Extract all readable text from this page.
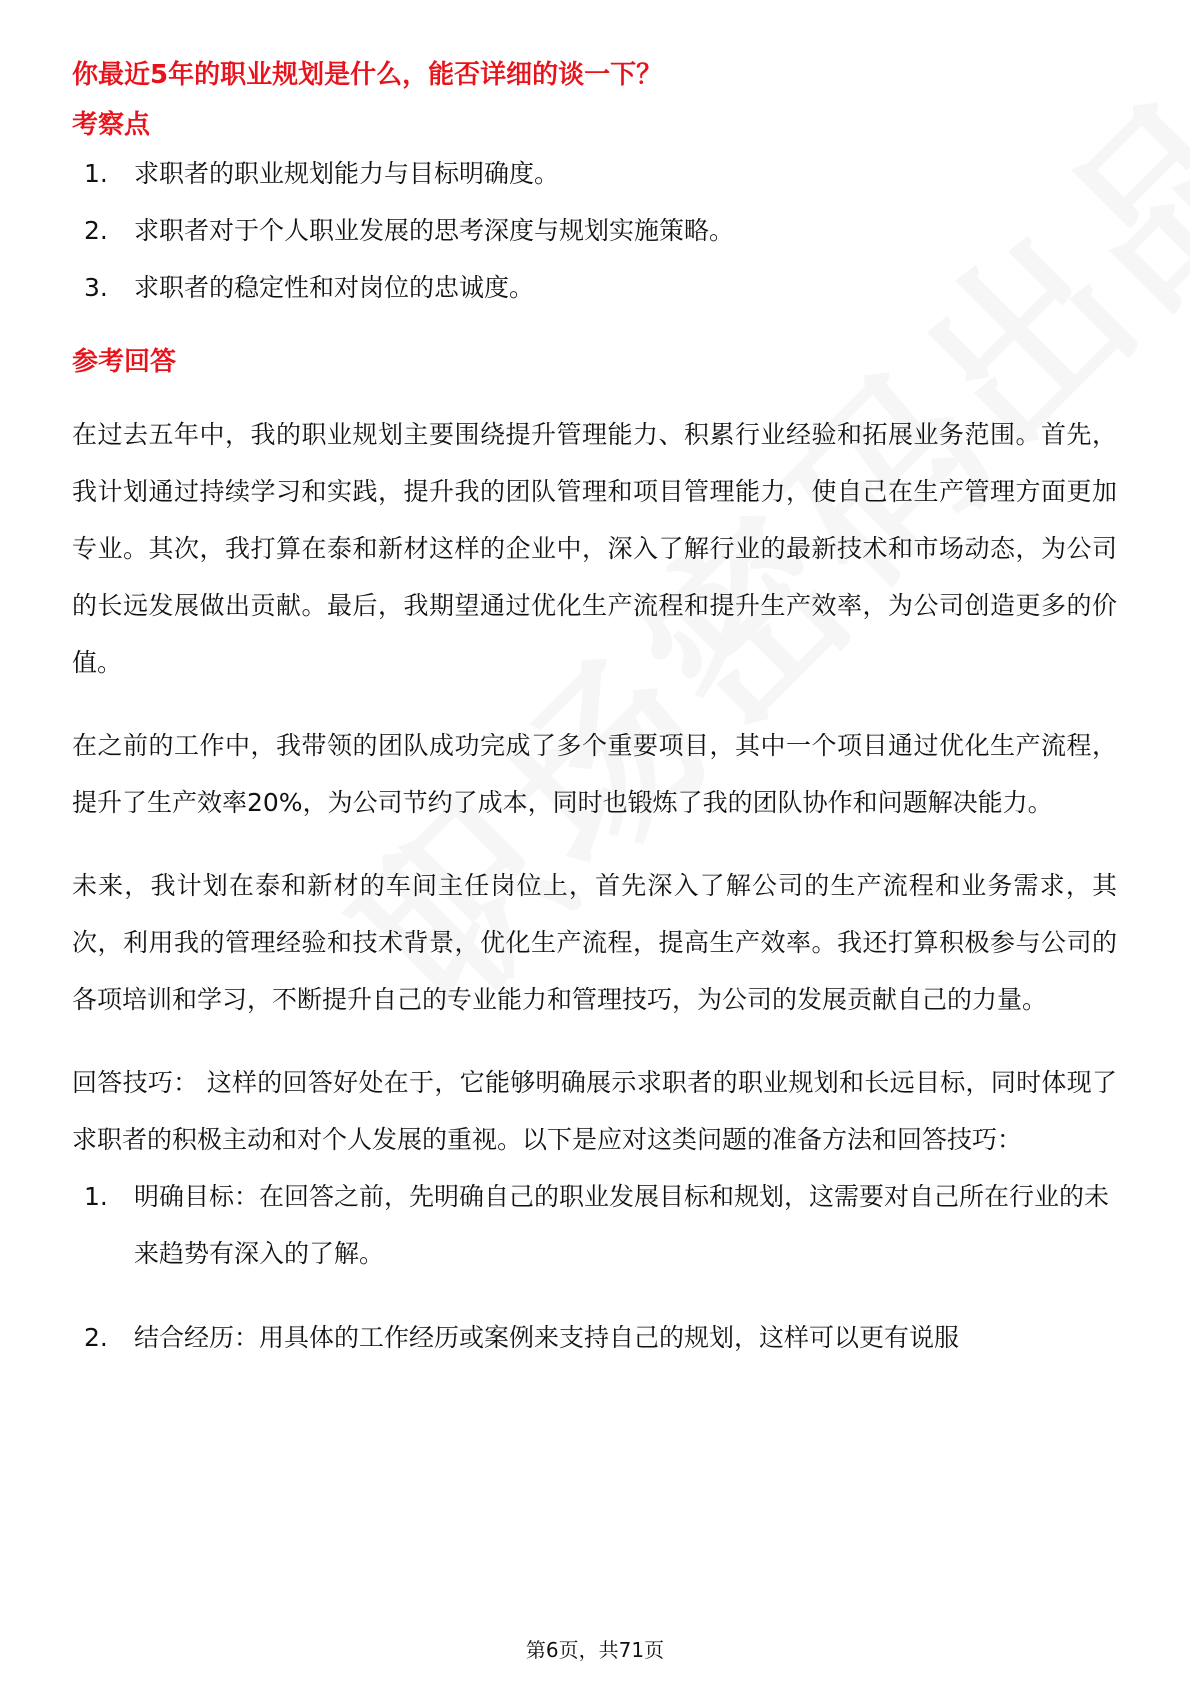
你最近5年的职业规划是什么，能否详细的谈一下？
考察点
1.	求职者的职业规划能力与目标明确度。
2.	求职者对于个人职业发展的思考深度与规划实施策略。
3.	求职者的稳定性和对岗位的忠诚度。
参考回答

在过去五年中，我的职业规划主要围绕提升管理能力、积累行业经验和拓展业务范围。首先，我计划通过持续学习和实践，提升我的团队管理和项目管理能力，使自己在生产管理方面更加专业。其次，我打算在泰和新材这样的企业中，深入了解行业的最新技术和市场动态，为公司的长远发展做出贡献。最后，我期望通过优化生产流程和提升生产效率，为公司创造更多的价值。

在之前的工作中，我带领的团队成功完成了多个重要项目，其中一个项目通过优化生产流程，提升了生产效率20%，为公司节约了成本，同时也锻炼了我的团队协作和问题解决能力。

未来，我计划在泰和新材的车间主任岗位上，首先深入了解公司的生产流程和业务需求，其次，利用我的管理经验和技术背景，优化生产流程，提高生产效率。我还打算积极参与公司的各项培训和学习，不断提升自己的专业能力和管理技巧，为公司的发展贡献自己的力量。

回答技巧： 这样的回答好处在于，它能够明确展示求职者的职业规划和长远目标，同时体现了求职者的积极主动和对个人发展的重视。以下是应对这类问题的准备方法和回答技巧：

1.	明确目标：在回答之前，先明确自己的职业发展目标和规划，这需要对自己所在行业的未来趋势有深入的了解。
2.	结合经历：用具体的工作经历或案例来支持自己的规划，这样可以更有说服
第6页，共71页
